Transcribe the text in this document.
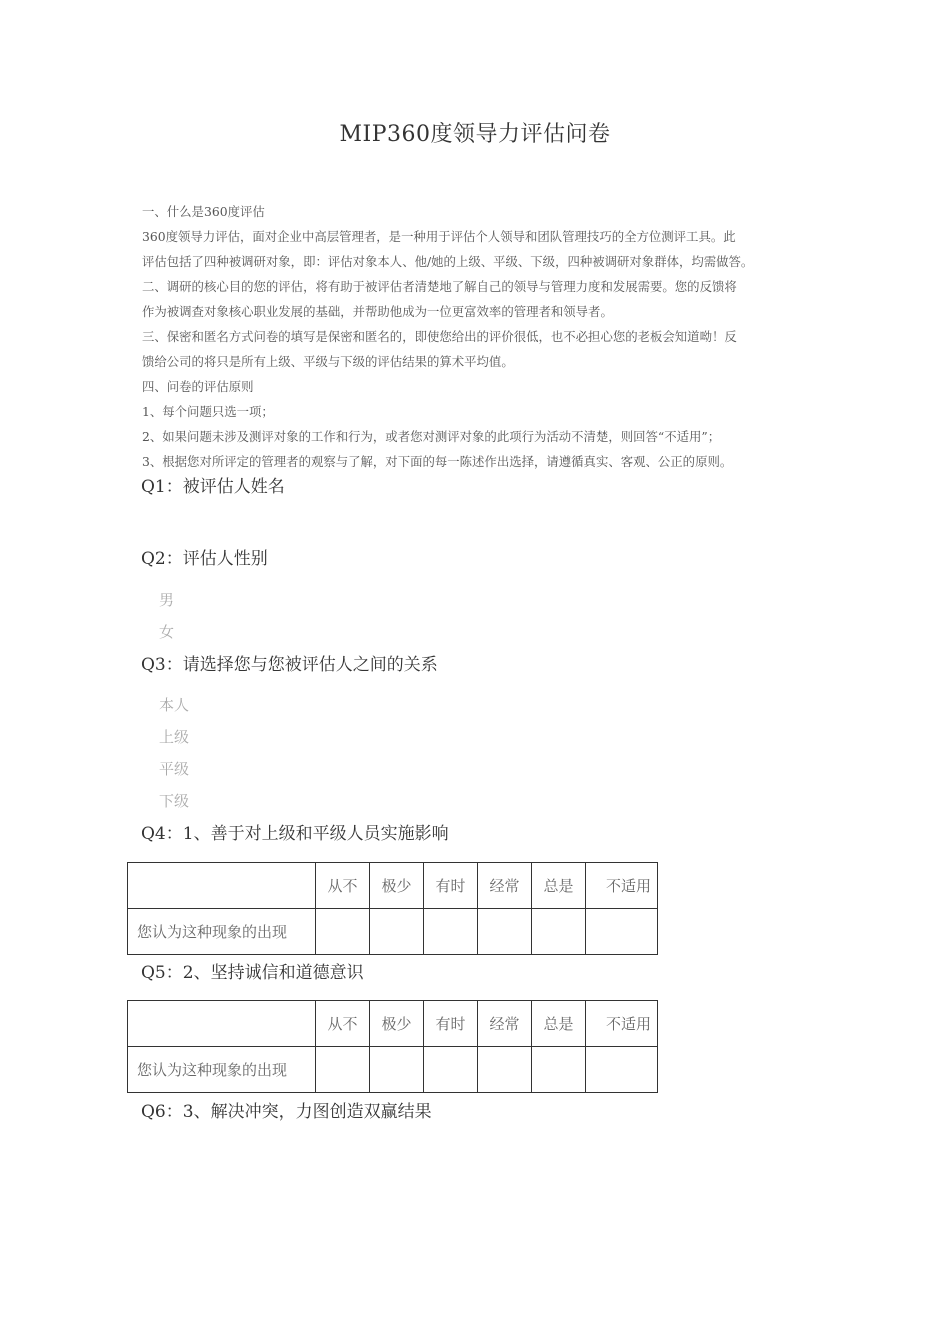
MIP360度领导力评估问卷
一、什么是360度评估
360度领导力评估，面对企业中高层管理者，是一种用于评估个人领导和团队管理技巧的全方位测评工具。此
评估包括了四种被调研对象，即：评估对象本人、他/她的上级、平级、下级，四种被调研对象群体，均需做答。
二、调研的核心目的您的评估，将有助于被评估者清楚地了解自己的领导与管理力度和发展需要。您的反馈将
作为被调查对象核心职业发展的基础，并帮助他成为一位更富效率的管理者和领导者。
三、保密和匿名方式问卷的填写是保密和匿名的，即使您给出的评价很低，也不必担心您的老板会知道呦！反
馈给公司的将只是所有上级、平级与下级的评估结果的算术平均值。
四、问卷的评估原则
1、每个问题只选一项；
2、如果问题未涉及测评对象的工作和行为，或者您对测评对象的此项行为活动不清楚，则回答“不适用”；
3、根据您对所评定的管理者的观察与了解，对下面的每一陈述作出选择，请遵循真实、客观、公正的原则。
Q1：被评估人姓名
Q2：评估人性别
男
女
Q3：请选择您与您被评估人之间的关系
本人
上级
平级
下级
Q4：1、善于对上级和平级人员实施影响
	从不	极少	有时	经常	总是	不适用
您认为这种现象的出现						
Q5：2、坚持诚信和道德意识
	从不	极少	有时	经常	总是	不适用
您认为这种现象的出现						
Q6：3、解决冲突，力图创造双赢结果
